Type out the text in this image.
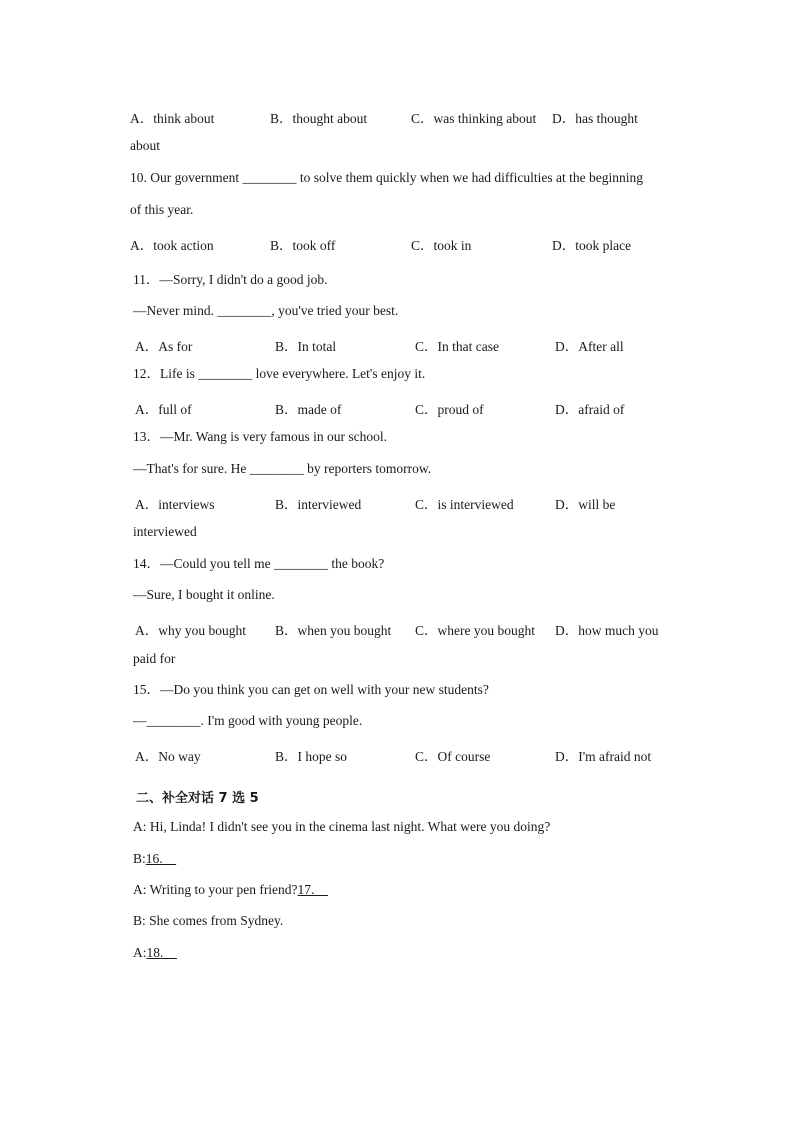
A．think about	B．thought about	C．was thinking about D．has thought
about
10. Our government ________ to solve them quickly when we had difficulties at the beginning
of this year.
A．took action	B．took off	C．took in	D．took place
11．—Sorry, I didn't do a good job.
—Never mind. ________, you've tried your best.
A．As for	B．In total	C．In that case	D．After all
12．Life is ________ love everywhere. Let's enjoy it.
A．full of	B．made of	C．proud of	D．afraid of
13．—Mr. Wang is very famous in our school.
—That's for sure. He ________ by reporters tomorrow.
A．interviews	B．interviewed	C．is interviewed	D．will be
interviewed
14．—Could you tell me ________ the book?
—Sure, I bought it online.
A．why you bought B．when you bought C．where you bought D．how much you
paid for
15．—Do you think you can get on well with your new students?
—________. I'm good with young people.
A．No way	B．I hope so	C．Of course	D．I'm afraid not
二、补全对话 7 选 5
A: Hi, Linda! I didn't see you in the cinema last night. What were you doing?
B:16.　
A: Writing to your pen friend?17.　
B: She comes from Sydney.
A:18.　
